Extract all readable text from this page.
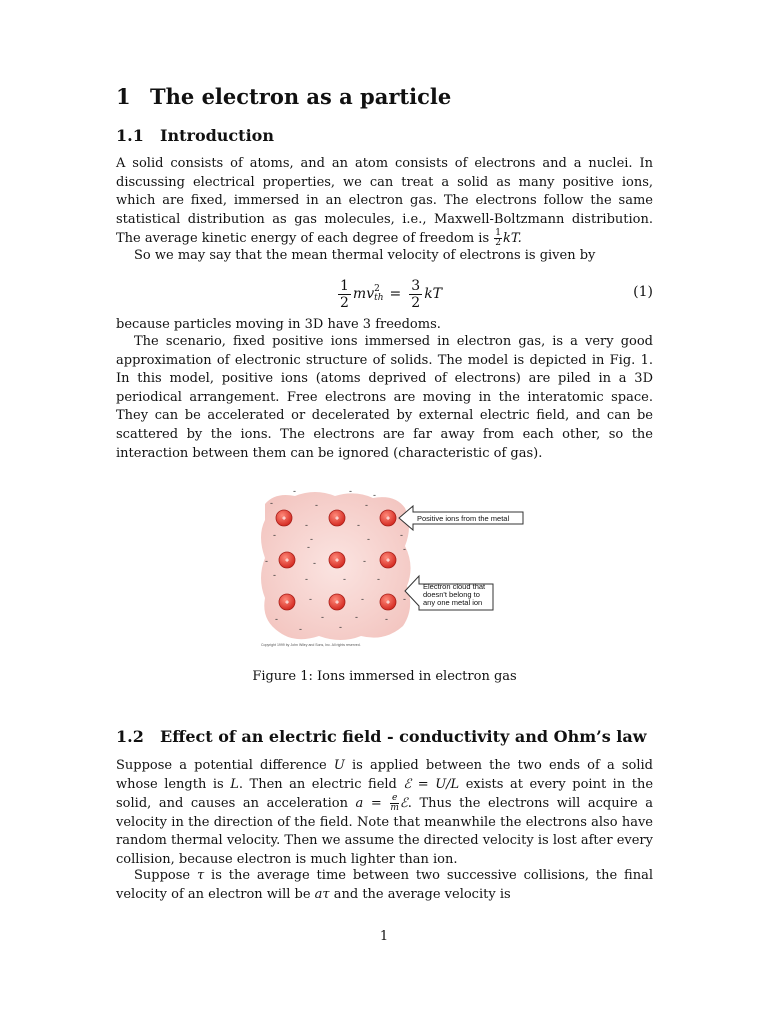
1 The electron as a particle
1.1 Introduction

A solid consists of atoms, and an atom consists of electrons and a nuclei. In discussing electrical properties, we can treat a solid as many positive ions, which are fixed, immersed in an electron gas. The electrons follow the same statistical distribution as gas molecules, i.e., Maxwell-Boltzmann distribution. The average kinetic energy of each degree of freedom is $\frac{1}{2}$ kT.

So we may say that the mean thermal velocity of electrons is given by

$\frac{1}{2}$ mv 2
th = $\frac{3}{2}$ kT	(1)

because particles moving in 3D have 3 freedoms.

The scenario, fixed positive ions immersed in electron gas, is a very good approximation of electronic structure of solids. The model is depicted in Fig. 1. In this model, positive ions (atoms deprived of electrons) are piled in a 3D periodical arrangement. Free electrons are moving in the interatomic space. They can be accelerated or decelerated by external electric field, and can be scattered by the ions. The electrons are far away from each other, so the interaction between them can be ignored (characteristic of gas).

+	+	+
+	+	+
+	+	+
-	-
-	-	-
-
-	-
-	-	-	-
-
-	-	-
-
-	-	-	-
-	-	-
-	-	-	-
-	-
Positive ions from the metal
Electron cloud that
doesn't belong to
any one metal ion
Copyright 1999 by John Wiley and Sons, Inc. All rights reserved.
Figure 1: Ions immersed in electron gas
1.2 Effect of an electric field - conductivity and Ohm’s law

Suppose a potential difference U is applied between the two ends of a solid whose length is L. Then an electric field ℰ = U/L exists at every point in the solid, and causes an acceleration $a = \frac{e}{m}$ ℰ. Thus the electrons will acquire a velocity in the direction of the field. Note that meanwhile the electrons also have random thermal velocity. Then we assume the directed velocity is lost after every collision, because electron is much lighter than ion.

Suppose τ is the average time between two successive collisions, the final velocity of an electron will be aτ and the average velocity is

1
